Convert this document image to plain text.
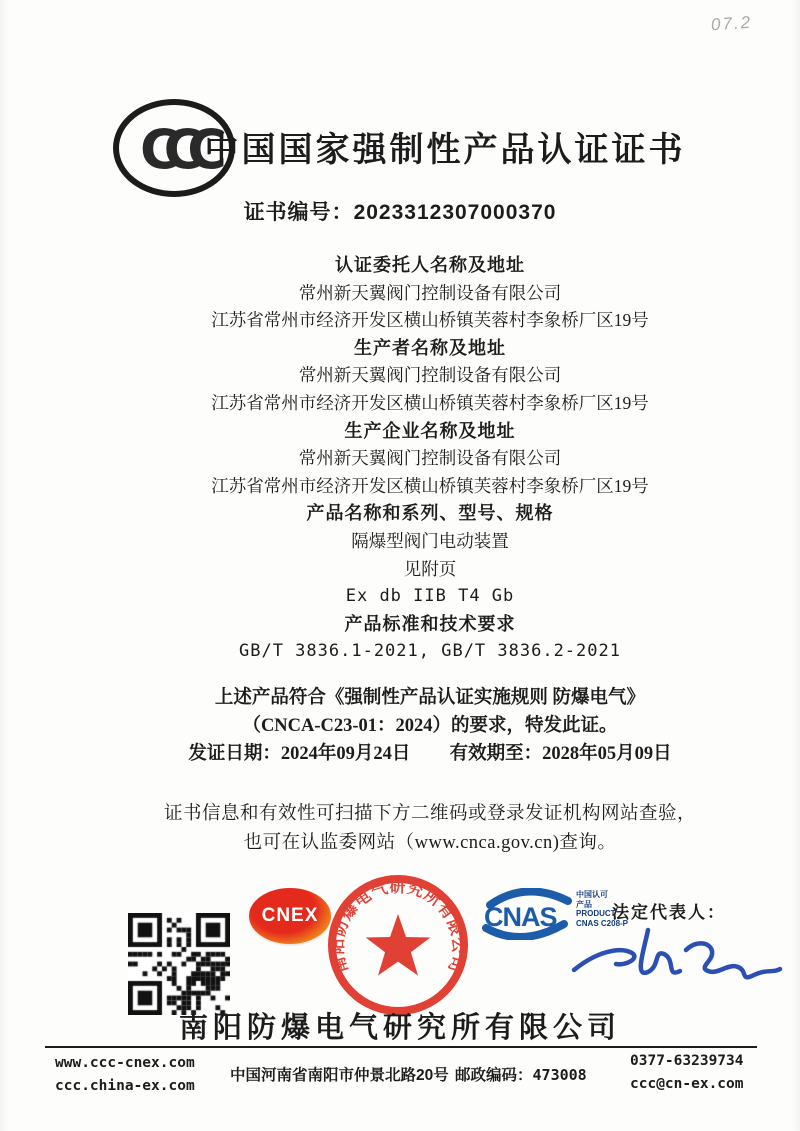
07.2
CCC
中国国家强制性产品认证证书
证书编号：2023312307000370
认证委托人名称及地址
常州新天翼阀门控制设备有限公司
江苏省常州市经济开发区横山桥镇芙蓉村李象桥厂区19号
生产者名称及地址
常州新天翼阀门控制设备有限公司
江苏省常州市经济开发区横山桥镇芙蓉村李象桥厂区19号
生产企业名称及地址
常州新天翼阀门控制设备有限公司
江苏省常州市经济开发区横山桥镇芙蓉村李象桥厂区19号
产品名称和系列、型号、规格
隔爆型阀门电动装置
见附页
Ex db IIB T4 Gb
产品标准和技术要求
GB/T 3836.1-2021, GB/T 3836.2-2021
上述产品符合《强制性产品认证实施规则 防爆电气》
（CNCA-C23-01：2024）的要求，特发此证。
发证日期：2024年09月24日 有效期至：2028年05月09日
证书信息和有效性可扫描下方二维码或登录发证机构网站查验，
也可在认监委网站（www.cnca.gov.cn)查询。
CNEX
南阳防爆电气研究所有限公司
CNAS
中国认可
产品
PRODUCT
CNAS C208-P
法定代表人：
南阳防爆电气研究所有限公司
www.ccc-cnex.com
ccc.china-ex.com
中国河南省南阳市仲景北路20号 邮政编码：473008
0377-63239734
ccc@cn-ex.com
